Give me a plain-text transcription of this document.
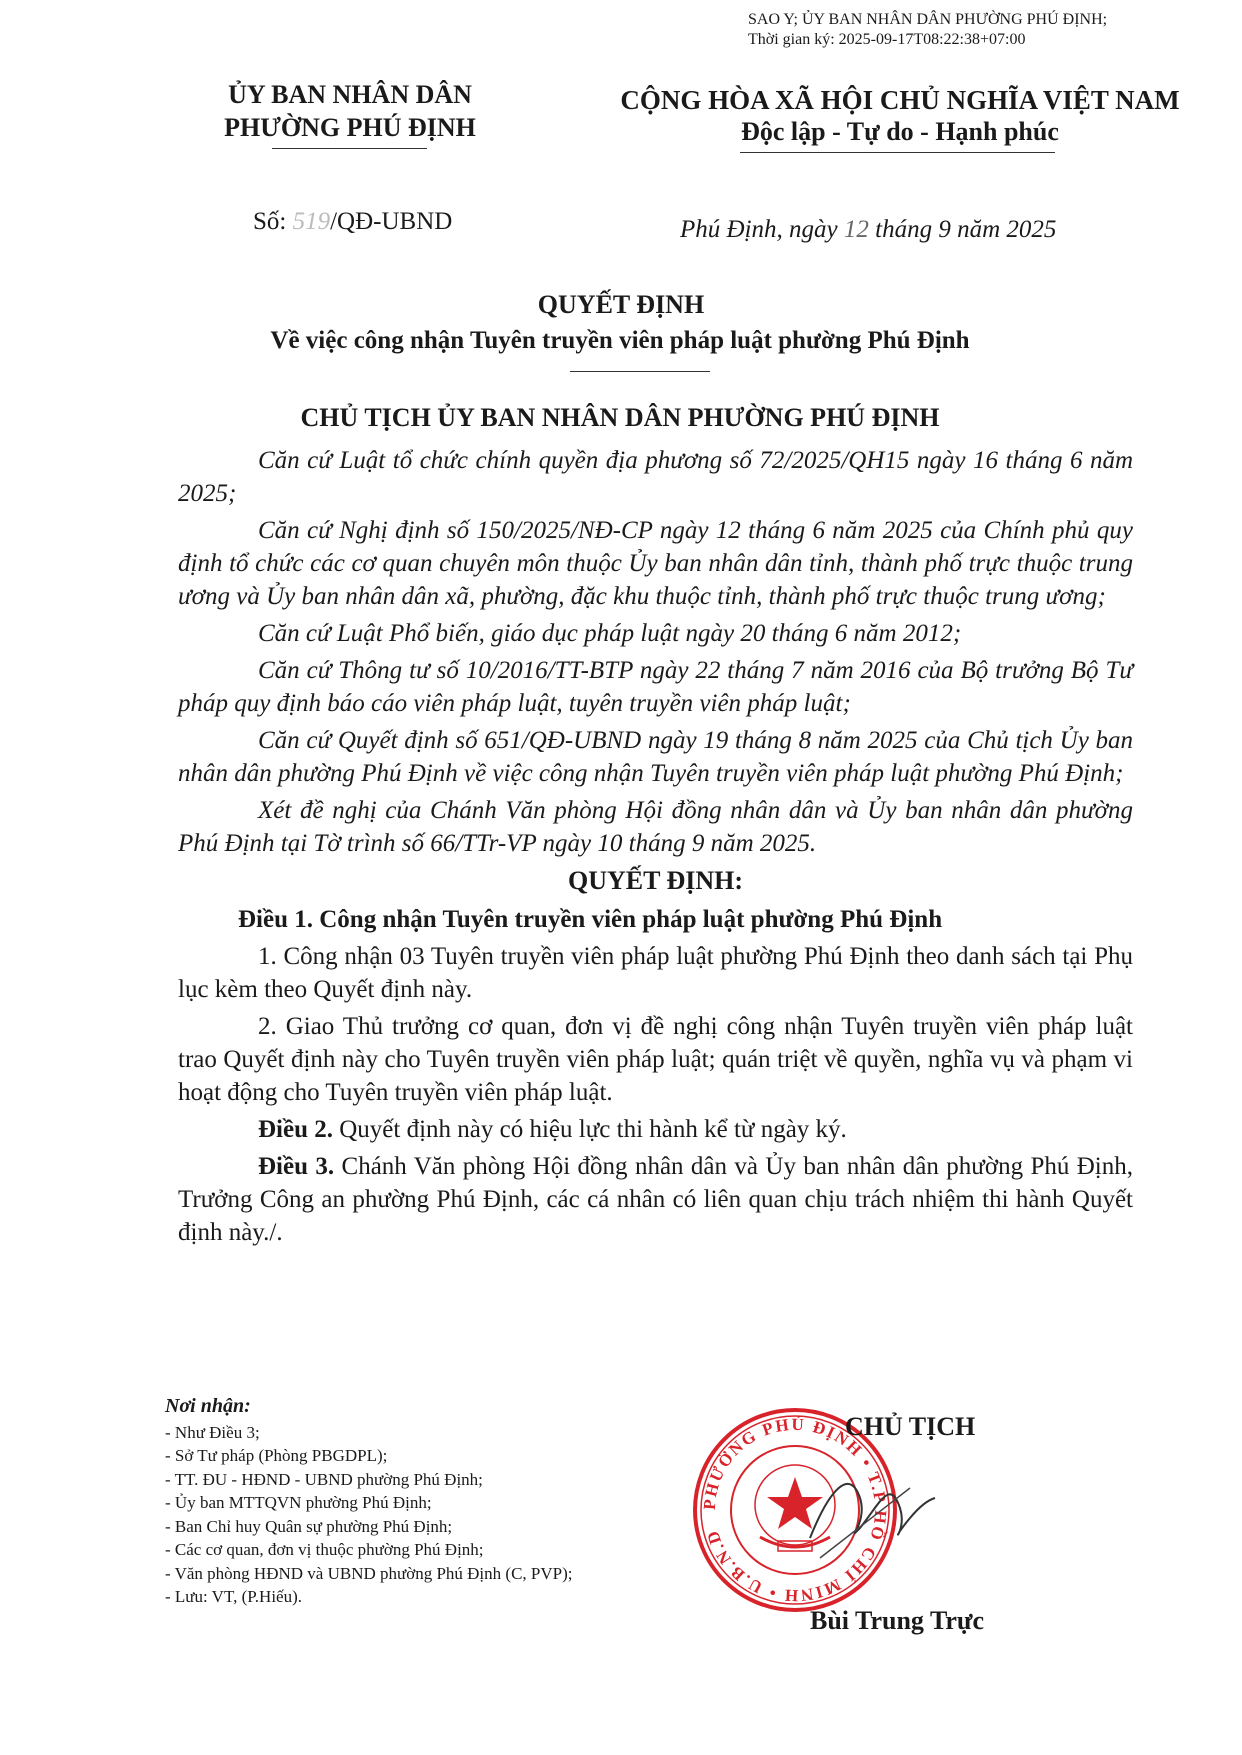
SAO Y; ỦY BAN NHÂN DÂN PHƯỜNG PHÚ ĐỊNH;
Thời gian ký: 2025-09-17T08:22:38+07:00
ỦY BAN NHÂN DÂN
PHƯỜNG PHÚ ĐỊNH
CỘNG HÒA XÃ HỘI CHỦ NGHĨA VIỆT NAM
Độc lập - Tự do - Hạnh phúc
Số: 519/QĐ-UBND	Phú Định, ngày 12 tháng 9 năm 2025
QUYẾT ĐỊNH
Về việc công nhận Tuyên truyền viên pháp luật phường Phú Định
CHỦ TỊCH ỦY BAN NHÂN DÂN PHƯỜNG PHÚ ĐỊNH

Căn cứ Luật tổ chức chính quyền địa phương số 72/2025/QH15 ngày 16 tháng 6 năm 2025;

Căn cứ Nghị định số 150/2025/NĐ-CP ngày 12 tháng 6 năm 2025 của Chính phủ quy định tổ chức các cơ quan chuyên môn thuộc Ủy ban nhân dân tỉnh, thành phố trực thuộc trung ương và Ủy ban nhân dân xã, phường, đặc khu thuộc tỉnh, thành phố trực thuộc trung ương;

Căn cứ Luật Phổ biến, giáo dục pháp luật ngày 20 tháng 6 năm 2012;

Căn cứ Thông tư số 10/2016/TT-BTP ngày 22 tháng 7 năm 2016 của Bộ trưởng Bộ Tư pháp quy định báo cáo viên pháp luật, tuyên truyền viên pháp luật;

Căn cứ Quyết định số 651/QĐ-UBND ngày 19 tháng 8 năm 2025 của Chủ tịch Ủy ban nhân dân phường Phú Định về việc công nhận Tuyên truyền viên pháp luật phường Phú Định;

Xét đề nghị của Chánh Văn phòng Hội đồng nhân dân và Ủy ban nhân dân phường Phú Định tại Tờ trình số 66/TTr-VP ngày 10 tháng 9 năm 2025.

QUYẾT ĐỊNH:

Điều 1. Công nhận Tuyên truyền viên pháp luật phường Phú Định

1. Công nhận 03 Tuyên truyền viên pháp luật phường Phú Định theo danh sách tại Phụ lục kèm theo Quyết định này.

2. Giao Thủ trưởng cơ quan, đơn vị đề nghị công nhận Tuyên truyền viên pháp luật trao Quyết định này cho Tuyên truyền viên pháp luật; quán triệt về quyền, nghĩa vụ và phạm vi hoạt động cho Tuyên truyền viên pháp luật.

Điều 2. Quyết định này có hiệu lực thi hành kể từ ngày ký.

Điều 3. Chánh Văn phòng Hội đồng nhân dân và Ủy ban nhân dân phường Phú Định, Trưởng Công an phường Phú Định, các cá nhân có liên quan chịu trách nhiệm thi hành Quyết định này./.

Nơi nhận:
- Như Điều 3;
- Sở Tư pháp (Phòng PBGDPL);
- TT. ĐU - HĐND - UBND phường Phú Định;
- Ủy ban MTTQVN phường Phú Định;
- Ban Chỉ huy Quân sự phường Phú Định;
- Các cơ quan, đơn vị thuộc phường Phú Định;
- Văn phòng HĐND và UBND phường Phú Định (C, PVP);
- Lưu: VT, (P.Hiếu).
PHƯỜNG PHÚ ĐỊNH • T.P HỒ CHÍ MINH • U.B.N.D
CHỦ TỊCH
Bùi Trung Trực
